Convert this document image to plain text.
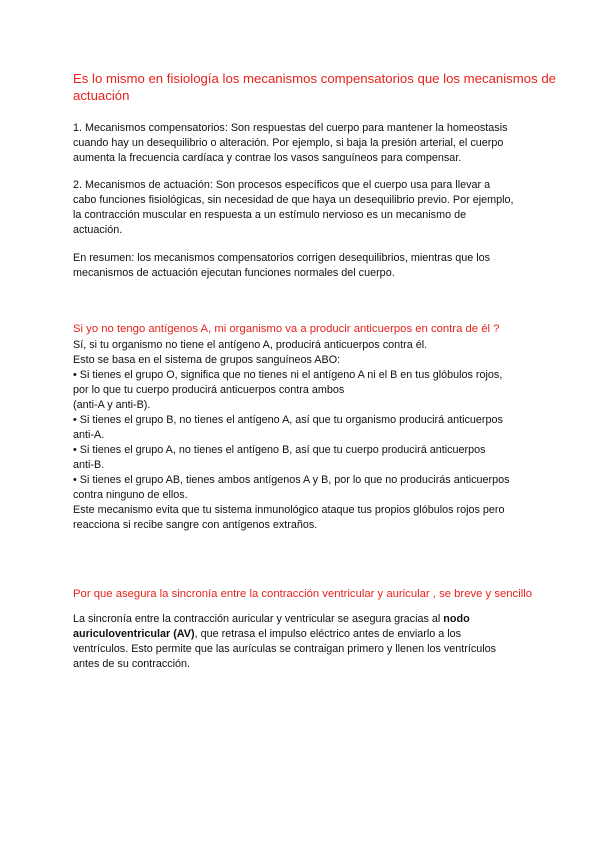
Es lo mismo en fisiología los mecanismos compensatorios que los mecanismos de
actuación
1. Mecanismos compensatorios: Son respuestas del cuerpo para mantener la homeostasis
cuando hay un desequilibrio o alteración. Por ejemplo, si baja la presión arterial, el cuerpo
aumenta la frecuencia cardíaca y contrae los vasos sanguíneos para compensar.
2. Mecanismos de actuación: Son procesos específicos que el cuerpo usa para llevar a
cabo funciones fisiológicas, sin necesidad de que haya un desequilibrio previo. Por ejemplo,
la contracción muscular en respuesta a un estímulo nervioso es un mecanismo de
actuación.
En resumen: los mecanismos compensatorios corrigen desequilibrios, mientras que los
mecanismos de actuación ejecutan funciones normales del cuerpo.
Si yo no tengo antígenos A, mi organismo va a producir anticuerpos en contra de él ?
Sí, si tu organismo no tiene el antígeno A, producirá anticuerpos contra él.
Esto se basa en el sistema de grupos sanguíneos ABO:
• Si tienes el grupo O, significa que no tienes ni el antígeno A ni el B en tus glóbulos rojos,
por lo que tu cuerpo producirá anticuerpos contra ambos
(anti-A y anti-B).
• Si tienes el grupo B, no tienes el antígeno A, así que tu organismo producirá anticuerpos
anti-A.
• Si tienes el grupo A, no tienes el antígeno B, así que tu cuerpo producirá anticuerpos
anti-B.
• Si tienes el grupo AB, tienes ambos antígenos A y B, por lo que no producirás anticuerpos
contra ninguno de ellos.
Este mecanismo evita que tu sistema inmunológico ataque tus propios glóbulos rojos pero
reacciona si recibe sangre con antígenos extraños.
Por que asegura la sincronía entre la contracción ventricular y auricular , se breve y sencillo
La sincronía entre la contracción auricular y ventricular se asegura gracias al nodo
auriculoventricular (AV), que retrasa el impulso eléctrico antes de enviarlo a los
ventrículos. Esto permite que las aurículas se contraigan primero y llenen los ventrículos
antes de su contracción.
